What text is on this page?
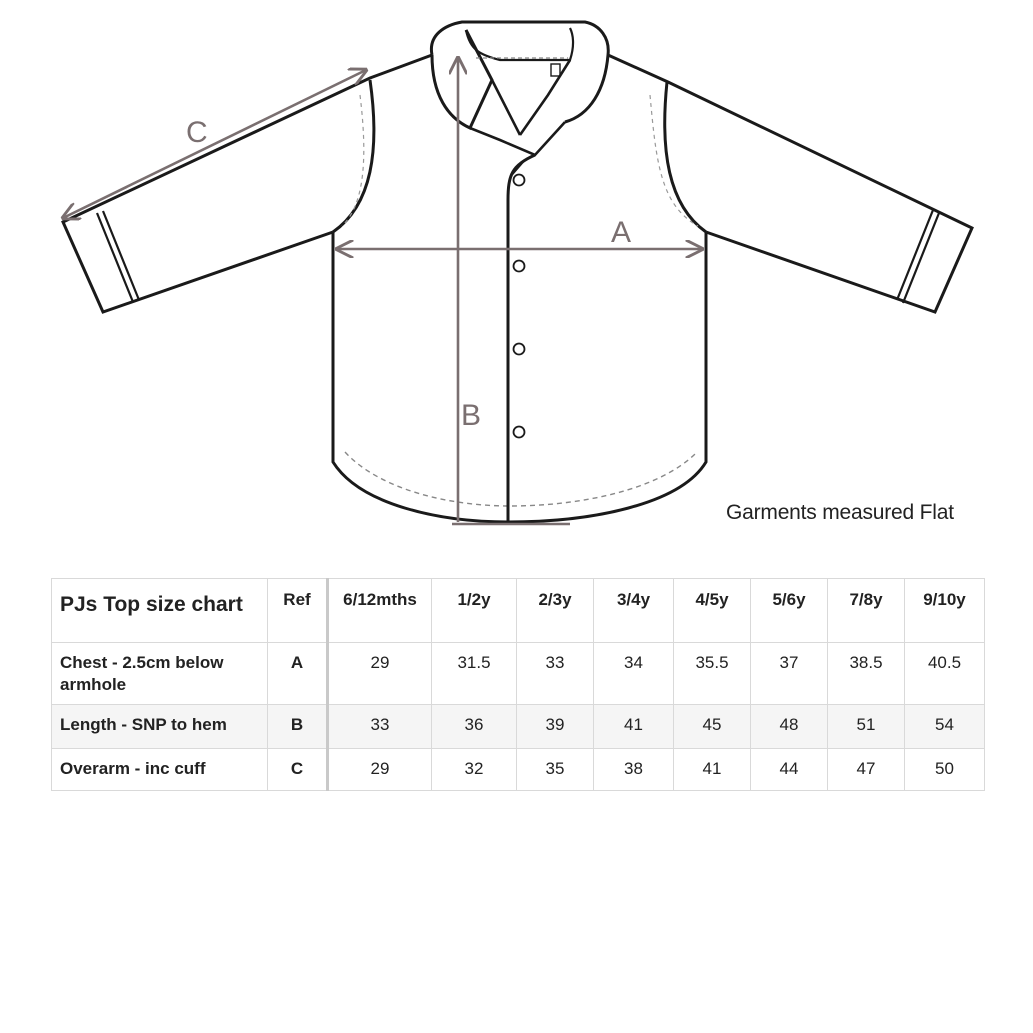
C
A
B
Garments measured Flat
PJs Top size chart	Ref	6/12mths	1/2y	2/3y	3/4y	4/5y	5/6y	7/8y	9/10y
Chest - 2.5cm below armhole	A	29	31.5	33	34	35.5	37	38.5	40.5
Length - SNP to hem	B	33	36	39	41	45	48	51	54
Overarm - inc cuff	C	29	32	35	38	41	44	47	50
